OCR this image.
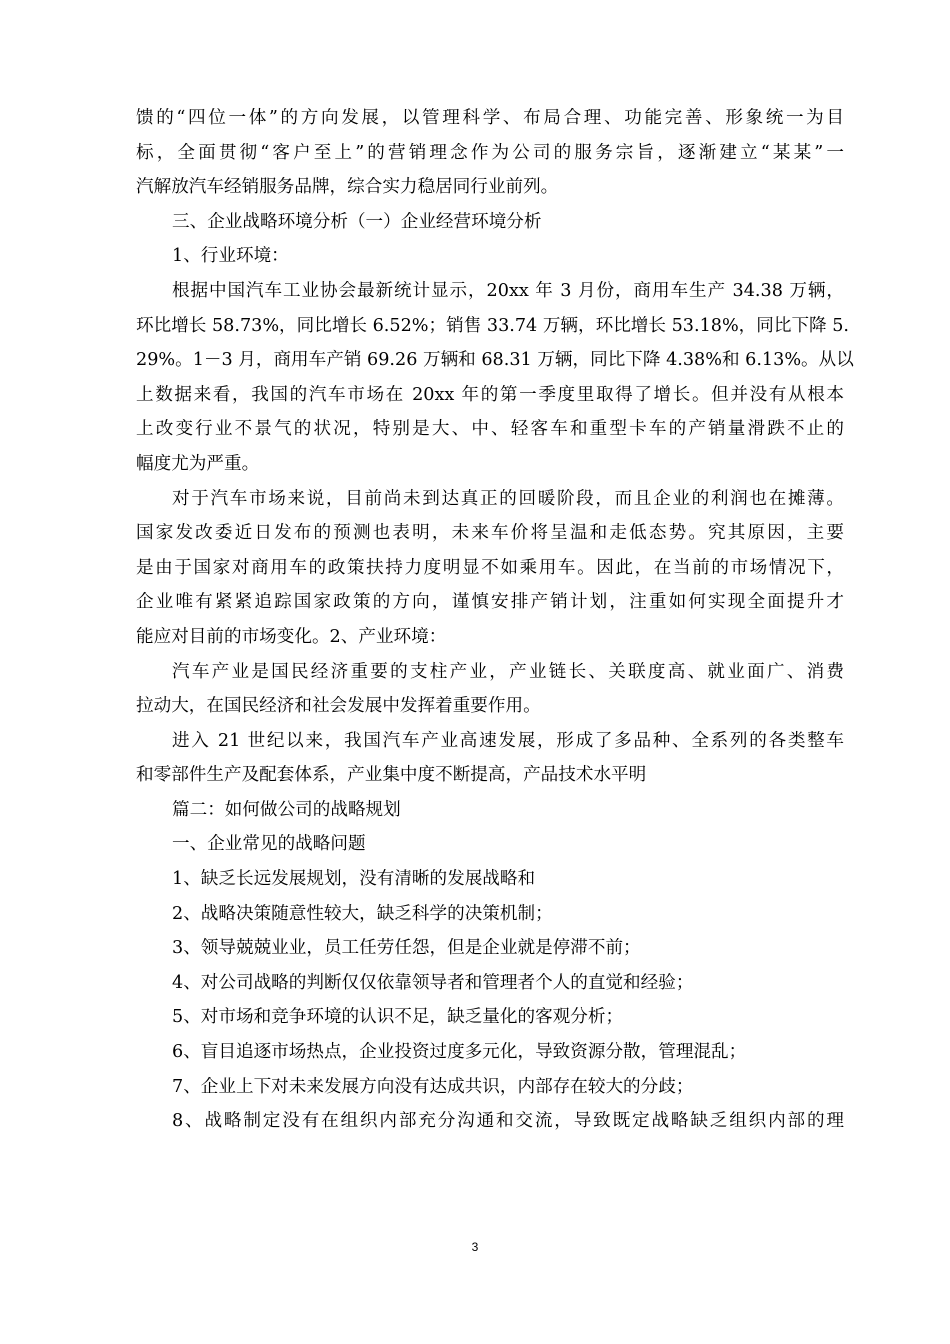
馈的“四位一体”的方向发展，以管理科学、布局合理、功能完善、形象统一为目
标，全面贯彻“客户至上”的营销理念作为公司的服务宗旨，逐渐建立“某某”一
汽解放汽车经销服务品牌，综合实力稳居同行业前列。
三、企业战略环境分析（一）企业经营环境分析
1、行业环境：
根据中国汽车工业协会最新统计显示，20xx 年 3 月份，商用车生产 34.38 万辆，
环比增长 58.73%，同比增长 6.52%；销售 33.74 万辆，环比增长 53.18%，同比下降 5.
29%。1－3 月，商用车产销 69.26 万辆和 68.31 万辆，同比下降 4.38%和 6.13%。从以
上数据来看，我国的汽车市场在 20xx 年的第一季度里取得了增长。但并没有从根本
上改变行业不景气的状况，特别是大、中、轻客车和重型卡车的产销量滑跌不止的
幅度尤为严重。
对于汽车市场来说，目前尚未到达真正的回暖阶段，而且企业的利润也在摊薄。
国家发改委近日发布的预测也表明，未来车价将呈温和走低态势。究其原因，主要
是由于国家对商用车的政策扶持力度明显不如乘用车。因此，在当前的市场情况下，
企业唯有紧紧追踪国家政策的方向，谨慎安排产销计划，注重如何实现全面提升才
能应对目前的市场变化。2、产业环境：
汽车产业是国民经济重要的支柱产业，产业链长、关联度高、就业面广、消费
拉动大，在国民经济和社会发展中发挥着重要作用。
进入 21 世纪以来，我国汽车产业高速发展，形成了多品种、全系列的各类整车
和零部件生产及配套体系，产业集中度不断提高，产品技术水平明
篇二：如何做公司的战略规划
一、企业常见的战略问题
1、缺乏长远发展规划，没有清晰的发展战略和
2、战略决策随意性较大，缺乏科学的决策机制；
3、领导兢兢业业，员工任劳任怨，但是企业就是停滞不前；
4、对公司战略的判断仅仅依靠领导者和管理者个人的直觉和经验；
5、对市场和竞争环境的认识不足，缺乏量化的客观分析；
6、盲目追逐市场热点，企业投资过度多元化，导致资源分散，管理混乱；
7、企业上下对未来发展方向没有达成共识，内部存在较大的分歧；
8、战略制定没有在组织内部充分沟通和交流，导致既定战略缺乏组织内部的理
3
